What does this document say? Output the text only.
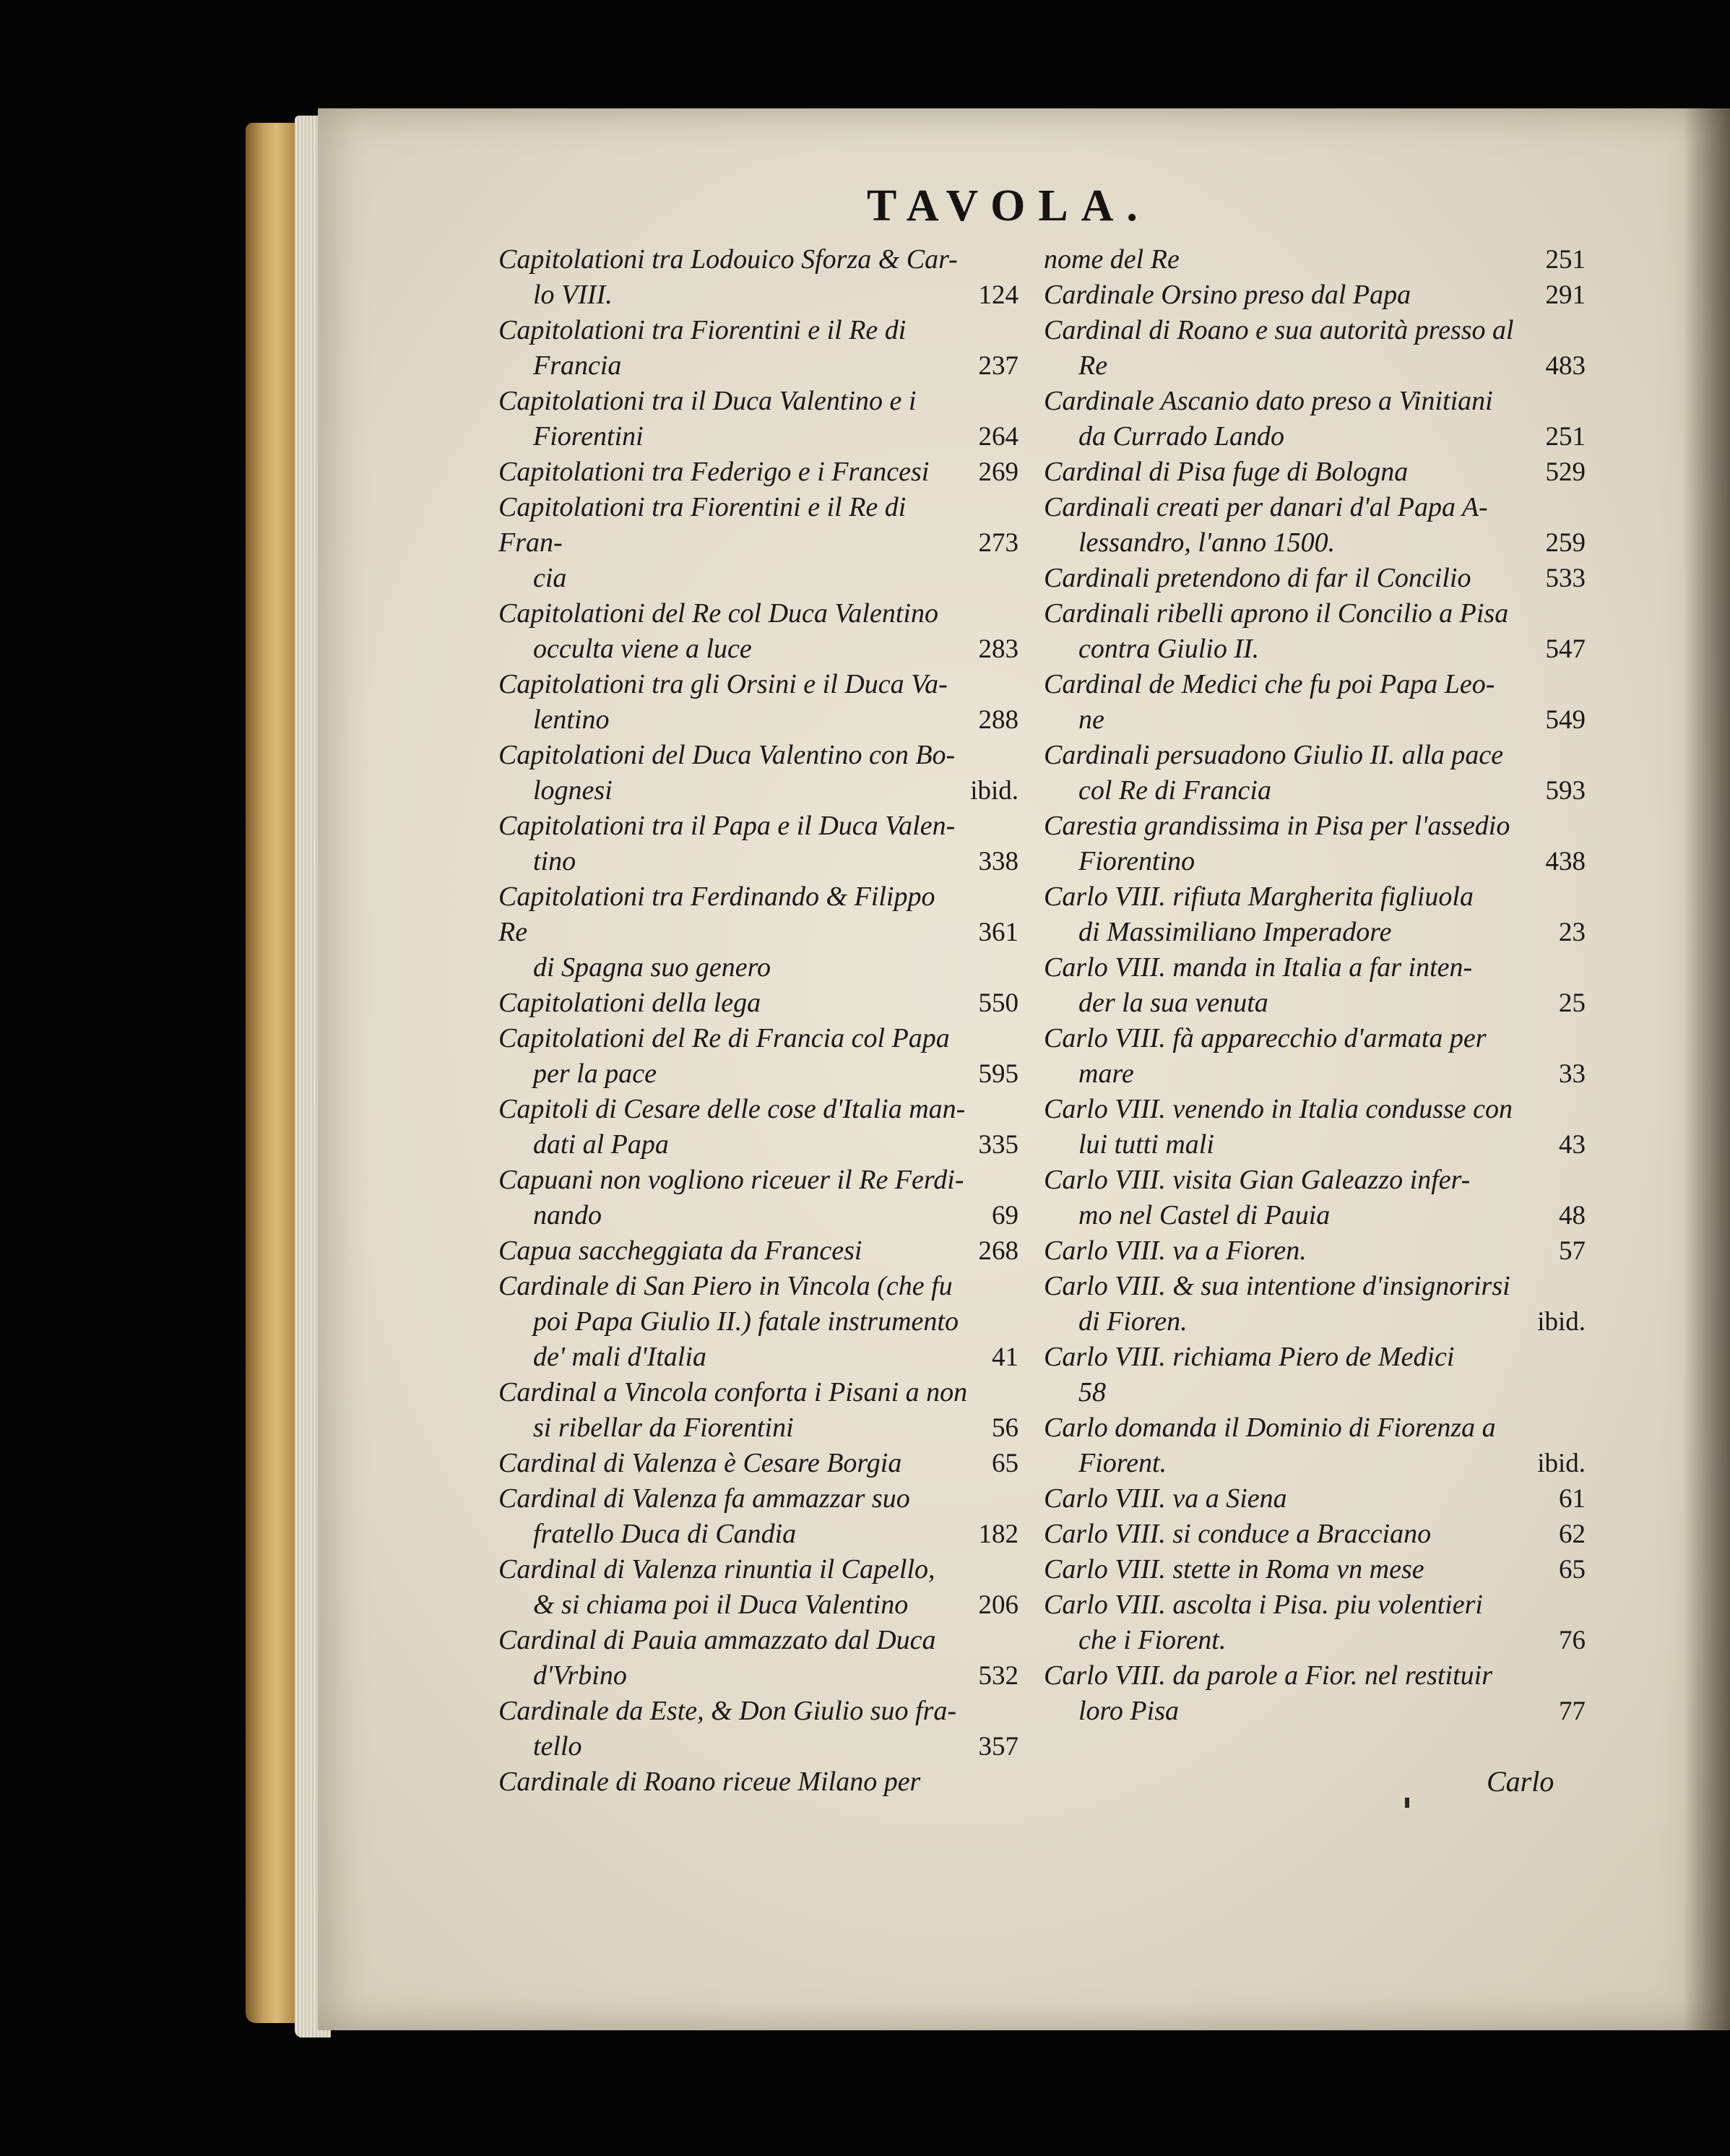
TAVOLA.
124
Capitolationi tra Lodouico Sforza & Car-

lo VIII.
237
Capitolationi tra Fiorentini e il Re di

Francia
264
Capitolationi tra il Duca Valentino e i

Fiorentini
269
Capitolationi tra Federigo e i Francesi
273
Capitolationi tra Fiorentini e il Re di Fran-

cia
283
Capitolationi del Re col Duca Valentino

occulta viene a luce
288
Capitolationi tra gli Orsini e il Duca Va-

lentino
ibid.
Capitolationi del Duca Valentino con Bo-

lognesi
338
Capitolationi tra il Papa e il Duca Valen-

tino
361
Capitolationi tra Ferdinando & Filippo Re

di Spagna suo genero
550
Capitolationi della lega
595
Capitolationi del Re di Francia col Papa

per la pace
335
Capitoli di Cesare delle cose d'Italia man-

dati al Papa
69
Capuani non vogliono riceuer il Re Ferdi-

nando
268
Capua saccheggiata da Francesi
41
Cardinale di San Piero in Vincola (che fu

poi Papa Giulio II.) fatale instrumento
de' mali d'Italia
56
Cardinal a Vincola conforta i Pisani a non

si ribellar da Fiorentini
65
Cardinal di Valenza è Cesare Borgia
182
Cardinal di Valenza fa ammazzar suo

fratello Duca di Candia
206
Cardinal di Valenza rinuntia il Capello,

& si chiama poi il Duca Valentino
532
Cardinal di Pauia ammazzato dal Duca

d'Vrbino
357
Cardinale da Este, & Don Giulio suo fra-

tello
Cardinale di Roano riceue Milano per
251
nome del Re
291
Cardinale Orsino preso dal Papa
483
Cardinal di Roano e sua autorità presso al

Re
251
Cardinale Ascanio dato preso a Vinitiani

da Currado Lando
529
Cardinal di Pisa fuge di Bologna
259
Cardinali creati per danari d'al Papa A-

lessandro, l'anno 1500.
533
Cardinali pretendono di far il Concilio
547
Cardinali ribelli aprono il Concilio a Pisa

contra Giulio II.
549
Cardinal de Medici che fu poi Papa Leo-

ne
593
Cardinali persuadono Giulio II. alla pace

col Re di Francia
438
Carestia grandissima in Pisa per l'assedio

Fiorentino
23
Carlo VIII. rifiuta Margherita figliuola

di Massimiliano Imperadore
25
Carlo VIII. manda in Italia a far inten-

der la sua venuta
33
Carlo VIII. fà apparecchio d'armata per

mare
43
Carlo VIII. venendo in Italia condusse con

lui tutti mali
48
Carlo VIII. visita Gian Galeazzo infer-

mo nel Castel di Pauia
57
Carlo VIII. va a Fioren.
ibid.
Carlo VIII. & sua intentione d'insignorirsi

di Fioren.
Carlo VIII. richiama Piero de Medici

58
ibid.
Carlo domanda il Dominio di Fiorenza a

Fiorent.
61
Carlo VIII. va a Siena
62
Carlo VIII. si conduce a Bracciano
65
Carlo VIII. stette in Roma vn mese
76
Carlo VIII. ascolta i Pisa. piu volentieri

che i Fiorent.
77
Carlo VIII. da parole a Fior. nel restituir

loro Pisa
Carlo
